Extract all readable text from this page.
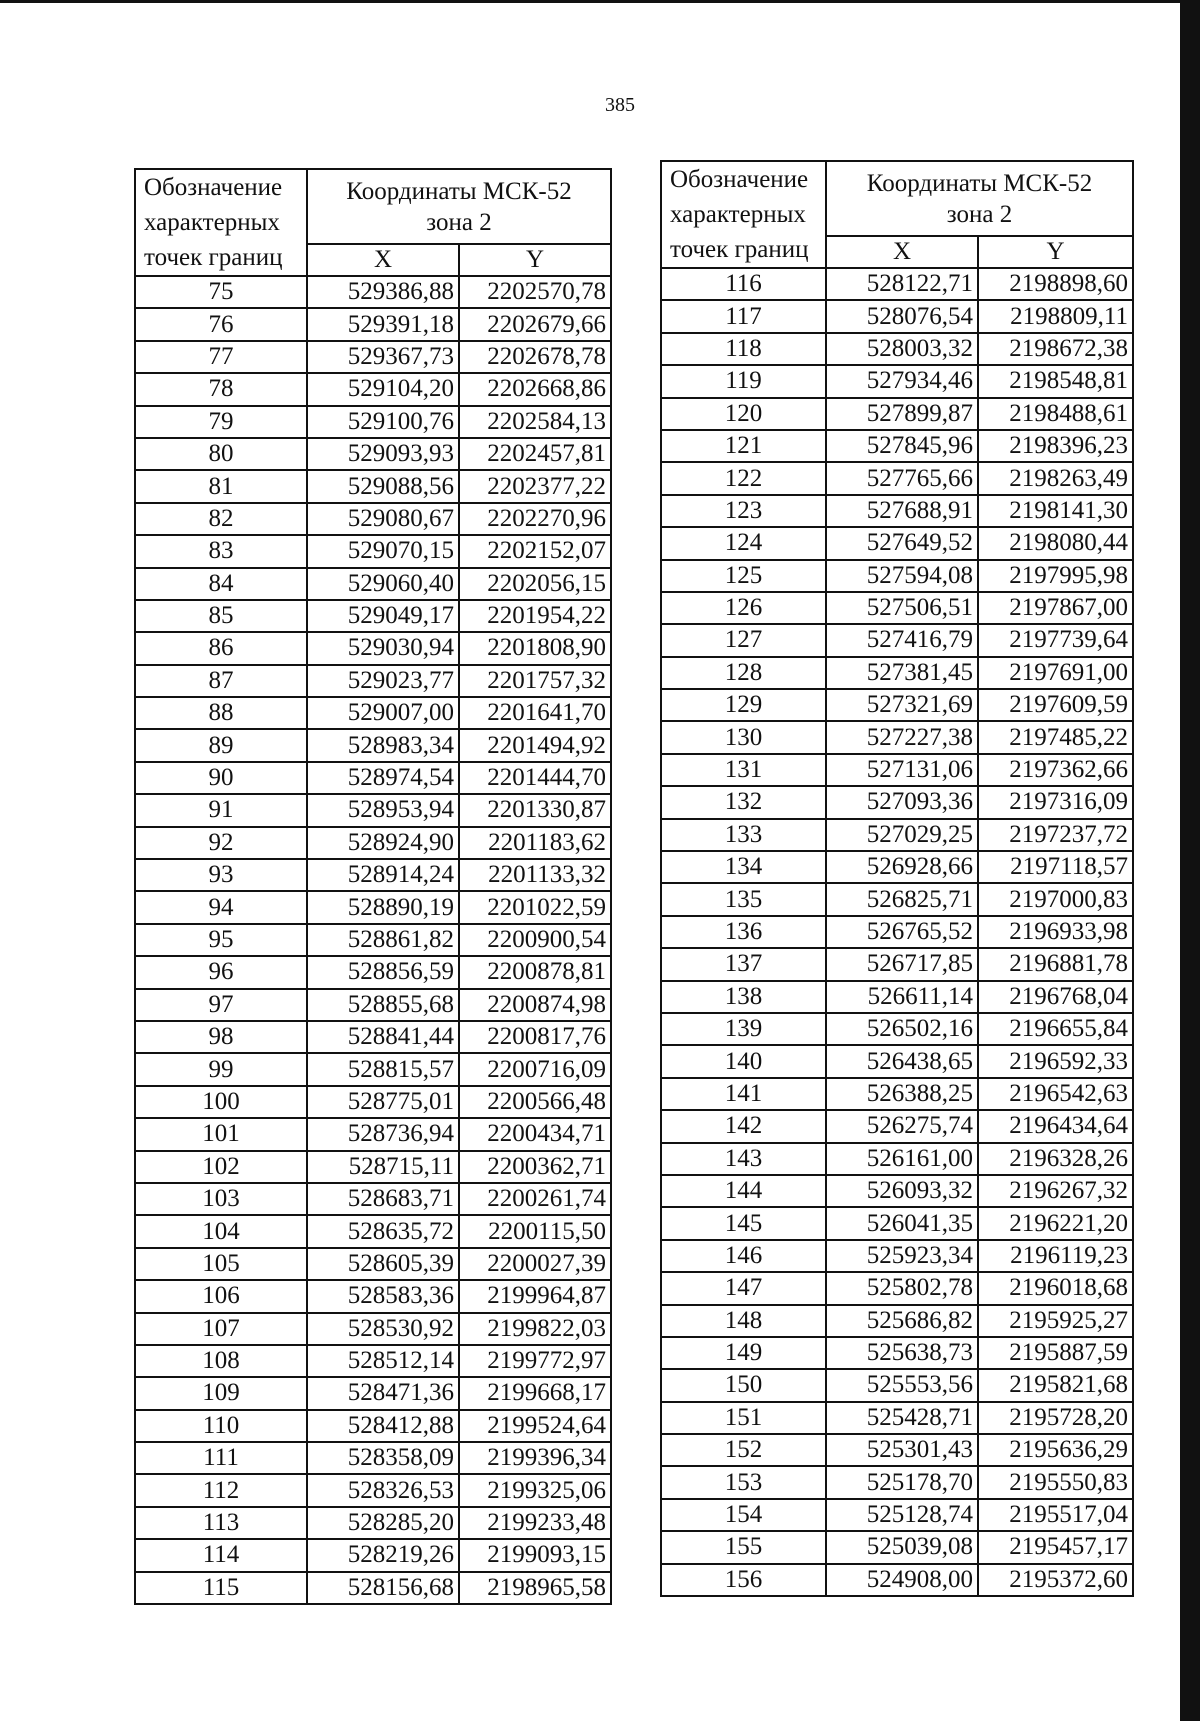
385
Обозначение характерных точек границ	Координаты МСК-52
зона 2	

	X	Y
75	529386,88	2202570,78
76	529391,18	2202679,66
77	529367,73	2202678,78
78	529104,20	2202668,86
79	529100,76	2202584,13
80	529093,93	2202457,81
81	529088,56	2202377,22
82	529080,67	2202270,96
83	529070,15	2202152,07
84	529060,40	2202056,15
85	529049,17	2201954,22
86	529030,94	2201808,90
87	529023,77	2201757,32
88	529007,00	2201641,70
89	528983,34	2201494,92
90	528974,54	2201444,70
91	528953,94	2201330,87
92	528924,90	2201183,62
93	528914,24	2201133,32
94	528890,19	2201022,59
95	528861,82	2200900,54
96	528856,59	2200878,81
97	528855,68	2200874,98
98	528841,44	2200817,76
99	528815,57	2200716,09
100	528775,01	2200566,48
101	528736,94	2200434,71
102	528715,11	2200362,71
103	528683,71	2200261,74
104	528635,72	2200115,50
105	528605,39	2200027,39
106	528583,36	2199964,87
107	528530,92	2199822,03
108	528512,14	2199772,97
109	528471,36	2199668,17
110	528412,88	2199524,64
111	528358,09	2199396,34
112	528326,53	2199325,06
113	528285,20	2199233,48
114	528219,26	2199093,15
115	528156,68	2198965,58
Обозначение характерных точек границ	Координаты МСК-52
зона 2	

	X	Y
116	528122,71	2198898,60
117	528076,54	2198809,11
118	528003,32	2198672,38
119	527934,46	2198548,81
120	527899,87	2198488,61
121	527845,96	2198396,23
122	527765,66	2198263,49
123	527688,91	2198141,30
124	527649,52	2198080,44
125	527594,08	2197995,98
126	527506,51	2197867,00
127	527416,79	2197739,64
128	527381,45	2197691,00
129	527321,69	2197609,59
130	527227,38	2197485,22
131	527131,06	2197362,66
132	527093,36	2197316,09
133	527029,25	2197237,72
134	526928,66	2197118,57
135	526825,71	2197000,83
136	526765,52	2196933,98
137	526717,85	2196881,78
138	526611,14	2196768,04
139	526502,16	2196655,84
140	526438,65	2196592,33
141	526388,25	2196542,63
142	526275,74	2196434,64
143	526161,00	2196328,26
144	526093,32	2196267,32
145	526041,35	2196221,20
146	525923,34	2196119,23
147	525802,78	2196018,68
148	525686,82	2195925,27
149	525638,73	2195887,59
150	525553,56	2195821,68
151	525428,71	2195728,20
152	525301,43	2195636,29
153	525178,70	2195550,83
154	525128,74	2195517,04
155	525039,08	2195457,17
156	524908,00	2195372,60
